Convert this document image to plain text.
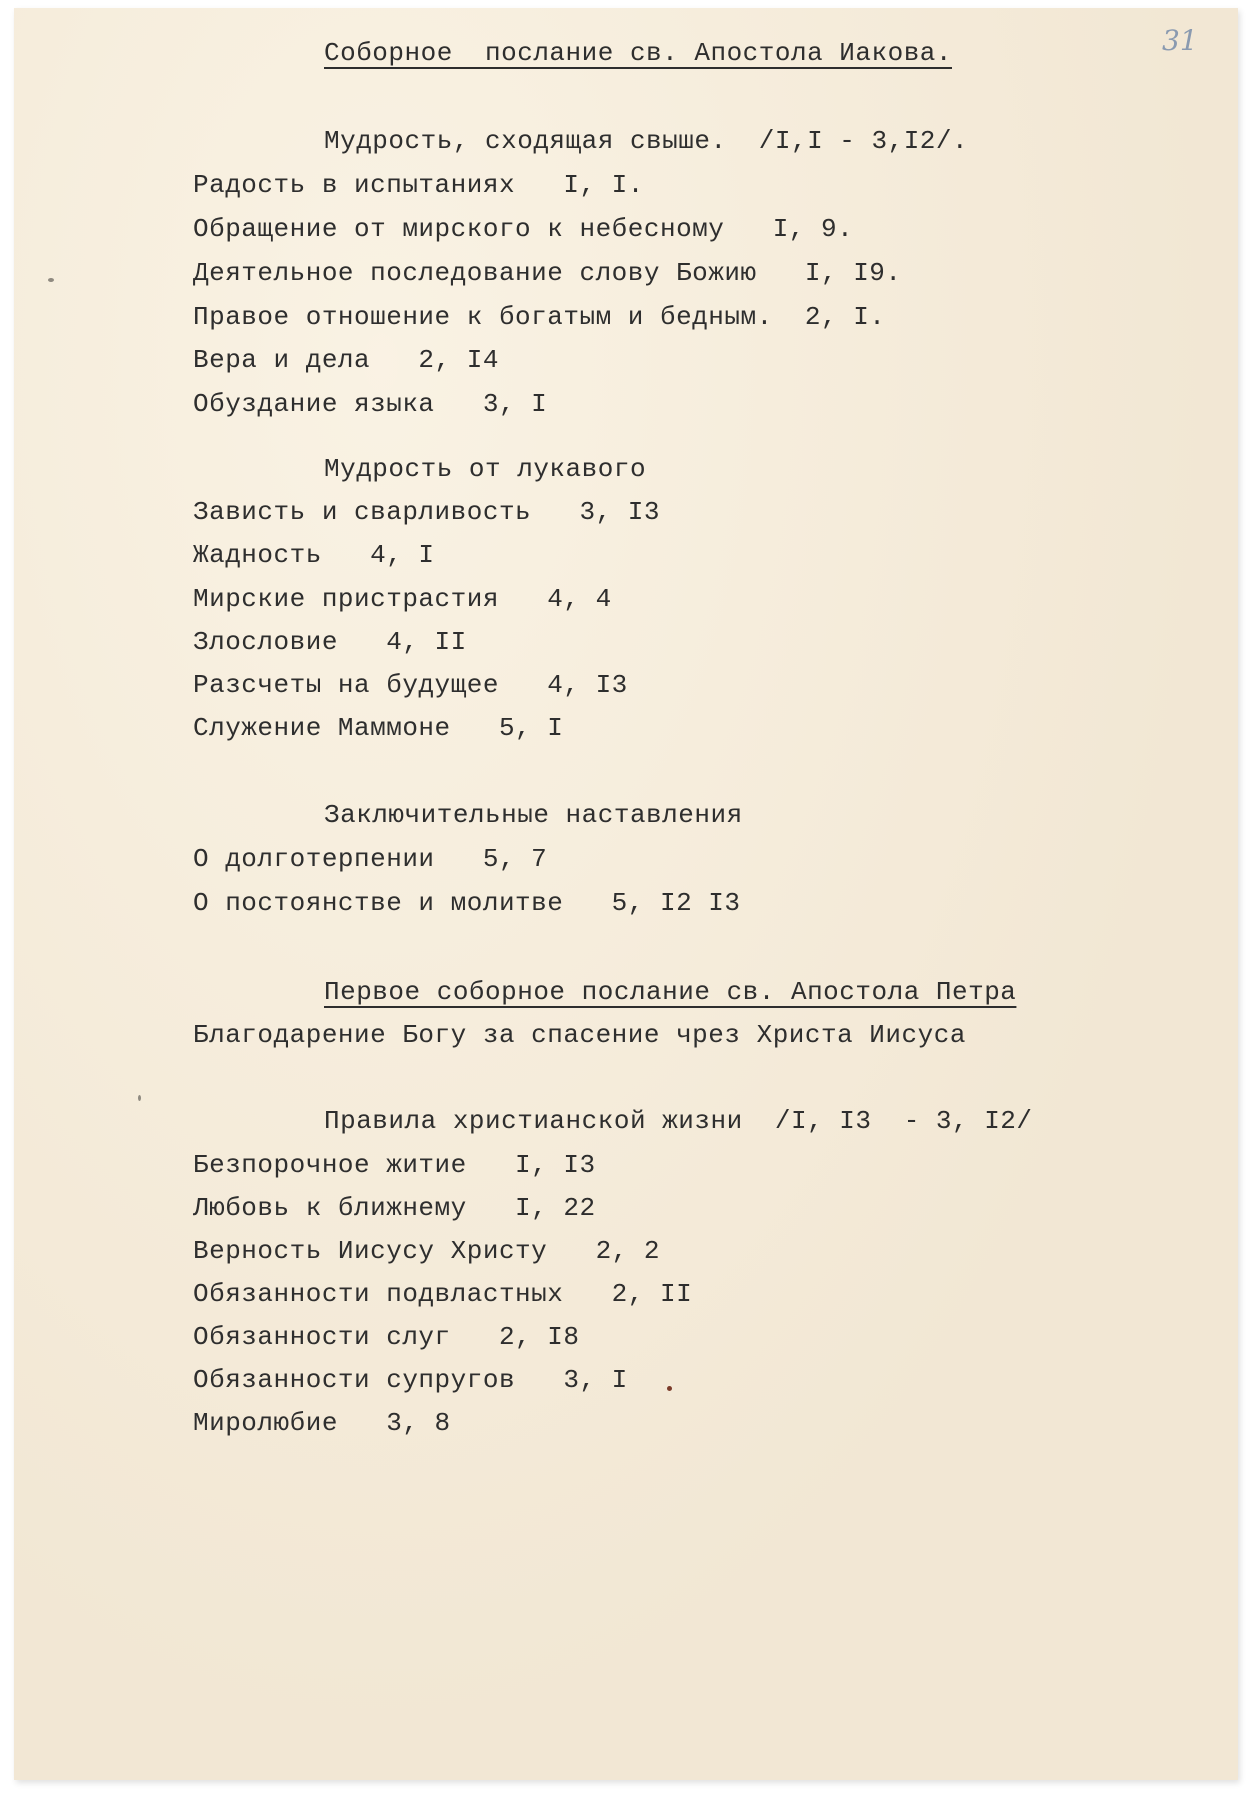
31
Соборное  послание св. Апостола Иакова.
Мудрость, сходящая свыше.  /I,I - 3,I2/.
Радость в испытаниях   I, I.
Обращение от мирского к небесному   I, 9.
Деятельное последование слову Божию   I, I9.
Правое отношение к богатым и бедным.  2, I.
Вера и дела   2, I4
Обуздание языка   3, I
Мудрость от лукавого
Зависть и сварливость   3, I3
Жадность   4, I
Мирские пристрастия   4, 4
Злословие   4, II
Разсчеты на будущее   4, I3
Служение Маммоне   5, I
Заключительные наставления
О долготерпении   5, 7
О постоянстве и молитве   5, I2 I3
Первое соборное послание св. Апостола Петра
Благодарение Богу за спасение чрез Христа Иисуса
Правила христианской жизни  /I, I3  - 3, I2/
Безпорочное житие   I, I3
Любовь к ближнему   I, 22
Верность Иисусу Христу   2, 2
Обязанности подвластных   2, II
Обязанности слуг   2, I8
Обязанности супругов   3, I
Миролюбие   3, 8
